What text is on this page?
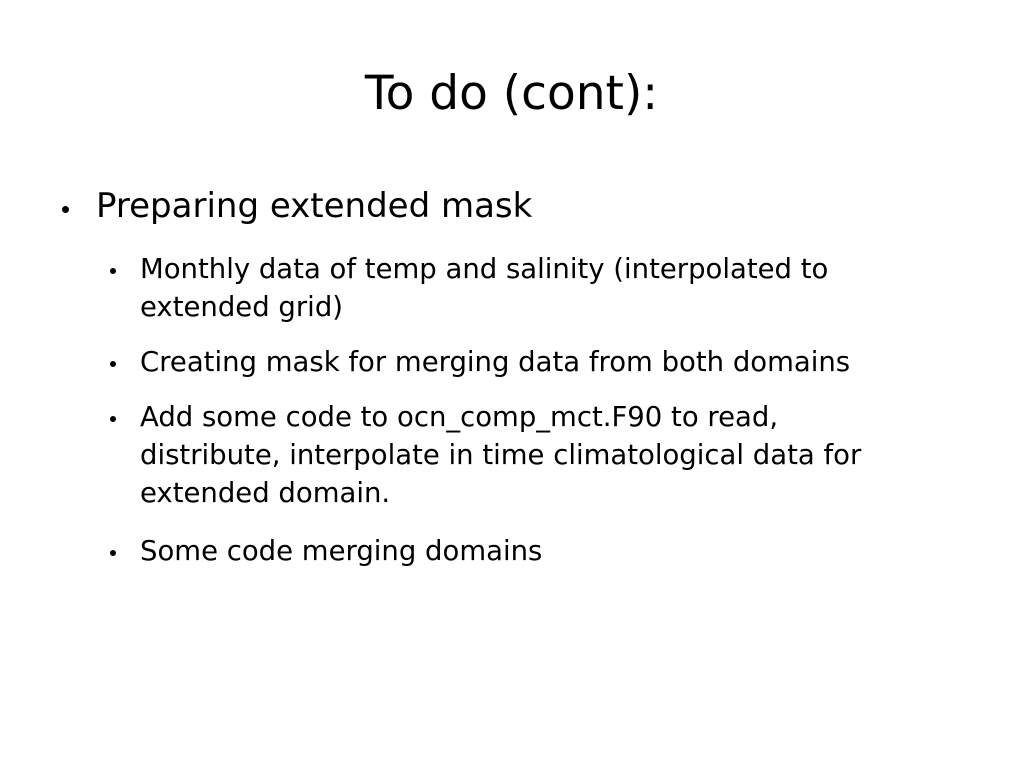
To do (cont):
Preparing extended mask
Monthly data of temp and salinity (interpolated to
extended grid)
Creating mask for merging data from both domains
Add some code to ocn_comp_mct.F90 to read,
distribute, interpolate in time climatological data for
extended domain.
Some code merging domains
